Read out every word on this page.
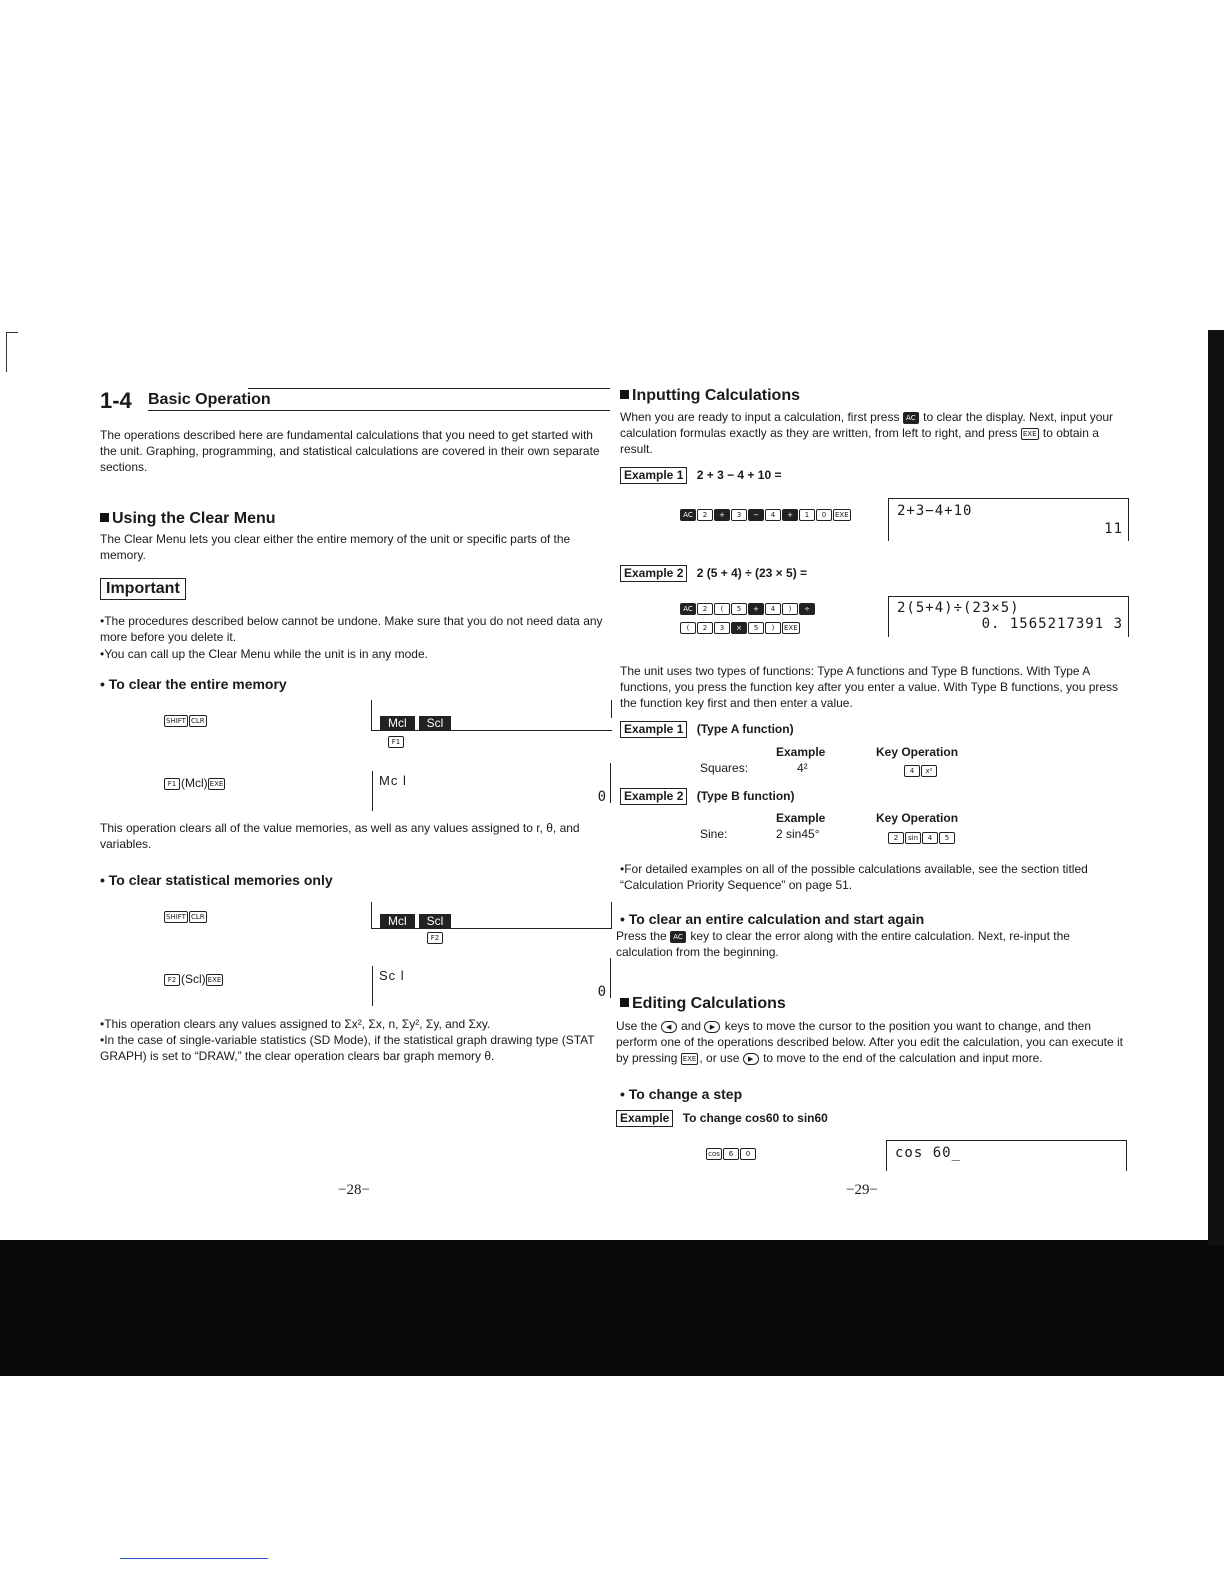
1-4 Basic Operation

The operations described here are fundamental calculations that you need to get started with the unit. Graphing, programming, and statistical calculations are covered in their own separate sections.

Using the Clear Menu

The Clear Menu lets you clear either the entire memory of the unit or specific parts of the memory.

Important

•The procedures described below cannot be undone. Make sure that you do not need data any more before you delete it.

•You can call up the Clear Menu while the unit is in any mode.

• To clear the entire memory
SHIFT CLR	Mcl Scl
F1
F1 (Mcl) EXE	Mc l
0

This operation clears all of the value memories, as well as any values assigned to r, θ, and variables.

• To clear statistical memories only
SHIFT CLR	Mcl Scl
F2
F2 (Scl) EXE	Sc l
0

•This operation clears any values assigned to Σx², Σx, n, Σy², Σy, and Σxy.

•In the case of single-variable statistics (SD Mode), if the statistical graph drawing type (STAT GRAPH) is set to “DRAW,” the clear operation clears bar graph memory θ.

−28−
Inputting Calculations

When you are ready to input a calculation, first press AC to clear the display. Next, input your calculation formulas exactly as they are written, from left to right, and press EXE to obtain a result.

Example 1 2 + 3 − 4 + 10 =
AC 2 + 3 − 4 + 1 0 EXE	2+3−4+10
11
Example 2 2 (5 + 4) ÷ (23 × 5) =
AC 2 ( 5 + 4 ) ÷
( 2 3 × 5 ) EXE
2(5+4)÷(23×5)
0. 1565217391 3

The unit uses two types of functions: Type A functions and Type B functions. With Type A functions, you press the function key after you enter a value. With Type B functions, you press the function key first and then enter a value.

Example 1 (Type A function)
Example	Key Operation
Squares:	4²	4 x²
Example 2 (Type B function)
Example	Key Operation
Sine:	2 sin45°	2 sin 4 5

•For detailed examples on all of the possible calculations available, see the section titled “Calculation Priority Sequence” on page 51.

• To clear an entire calculation and start again

Press the AC key to clear the error along with the entire calculation. Next, re-input the calculation from the beginning.

Editing Calculations

Use the ◀ and ▶ keys to move the cursor to the position you want to change, and then perform one of the operations described below. After you edit the calculation, you can execute it by pressing EXE , or use ▶ to move to the end of the calculation and input more.

• To change a step
Example To change cos60 to sin60
cos 6 0	cos 60_
−29−
